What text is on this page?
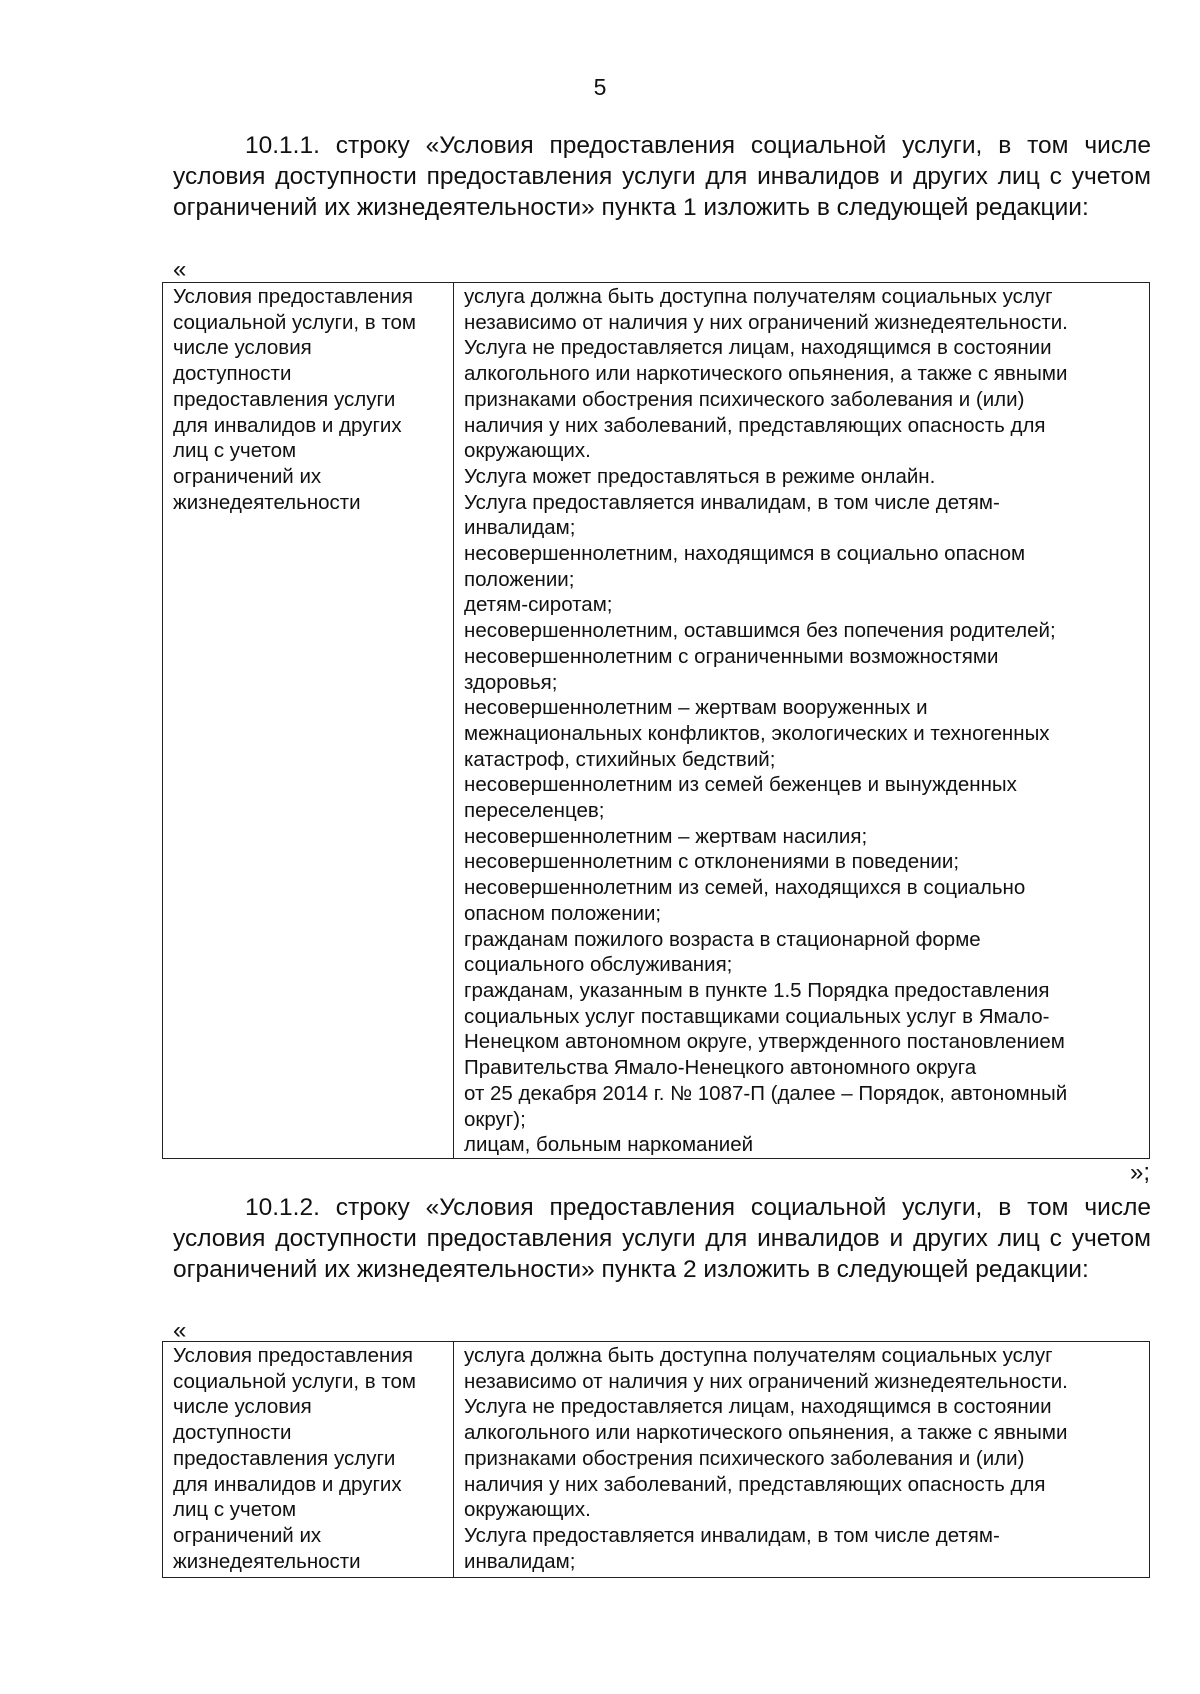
5

10.1.1. строку «Условия предоставления социальной услуги, в том числе условия доступности предоставления услуги для инвалидов и других лиц с учетом ограничений их жизнедеятельности» пункта 1 изложить в следующей редакции:

«
Условия предоставления
социальной услуги, в том
числе условия
доступности
предоставления услуги
для инвалидов и других
лиц с учетом
ограничений их
жизнедеятельности

услуга должна быть доступна получателям социальных услуг
независимо от наличия у них ограничений жизнедеятельности.
Услуга не предоставляется лицам, находящимся в состоянии
алкогольного или наркотического опьянения, а также с явными
признаками обострения психического заболевания и (или)
наличия у них заболеваний, представляющих опасность для
окружающих.
Услуга может предоставляться в режиме онлайн.
Услуга предоставляется инвалидам, в том числе детям-
инвалидам;
несовершеннолетним, находящимся в социально опасном
положении;
детям-сиротам;
несовершеннолетним, оставшимся без попечения родителей;
несовершеннолетним с ограниченными возможностями
здоровья;
несовершеннолетним – жертвам вооруженных и
межнациональных конфликтов, экологических и техногенных
катастроф, стихийных бедствий;
несовершеннолетним из семей беженцев и вынужденных
переселенцев;
несовершеннолетним – жертвам насилия;
несовершеннолетним с отклонениями в поведении;
несовершеннолетним из семей, находящихся в социально
опасном положении;
гражданам пожилого возраста в стационарной форме
социального обслуживания;
гражданам, указанным в пункте 1.5 Порядка предоставления
социальных услуг поставщиками социальных услуг в Ямало-
Ненецком автономном округе, утвержденного постановлением
Правительства Ямало-Ненецкого автономного округа
от 25 декабря 2014 г. № 1087-П (далее – Порядок, автономный
округ);
лицам, больным наркоманией
»;

10.1.2. строку «Условия предоставления социальной услуги, в том числе условия доступности предоставления услуги для инвалидов и других лиц с учетом ограничений их жизнедеятельности» пункта 2 изложить в следующей редакции:

«
Условия предоставления
социальной услуги, в том
числе условия
доступности
предоставления услуги
для инвалидов и других
лиц с учетом
ограничений их
жизнедеятельности

услуга должна быть доступна получателям социальных услуг
независимо от наличия у них ограничений жизнедеятельности.
Услуга не предоставляется лицам, находящимся в состоянии
алкогольного или наркотического опьянения, а также с явными
признаками обострения психического заболевания и (или)
наличия у них заболеваний, представляющих опасность для
окружающих.
Услуга предоставляется инвалидам, в том числе детям-
инвалидам;
